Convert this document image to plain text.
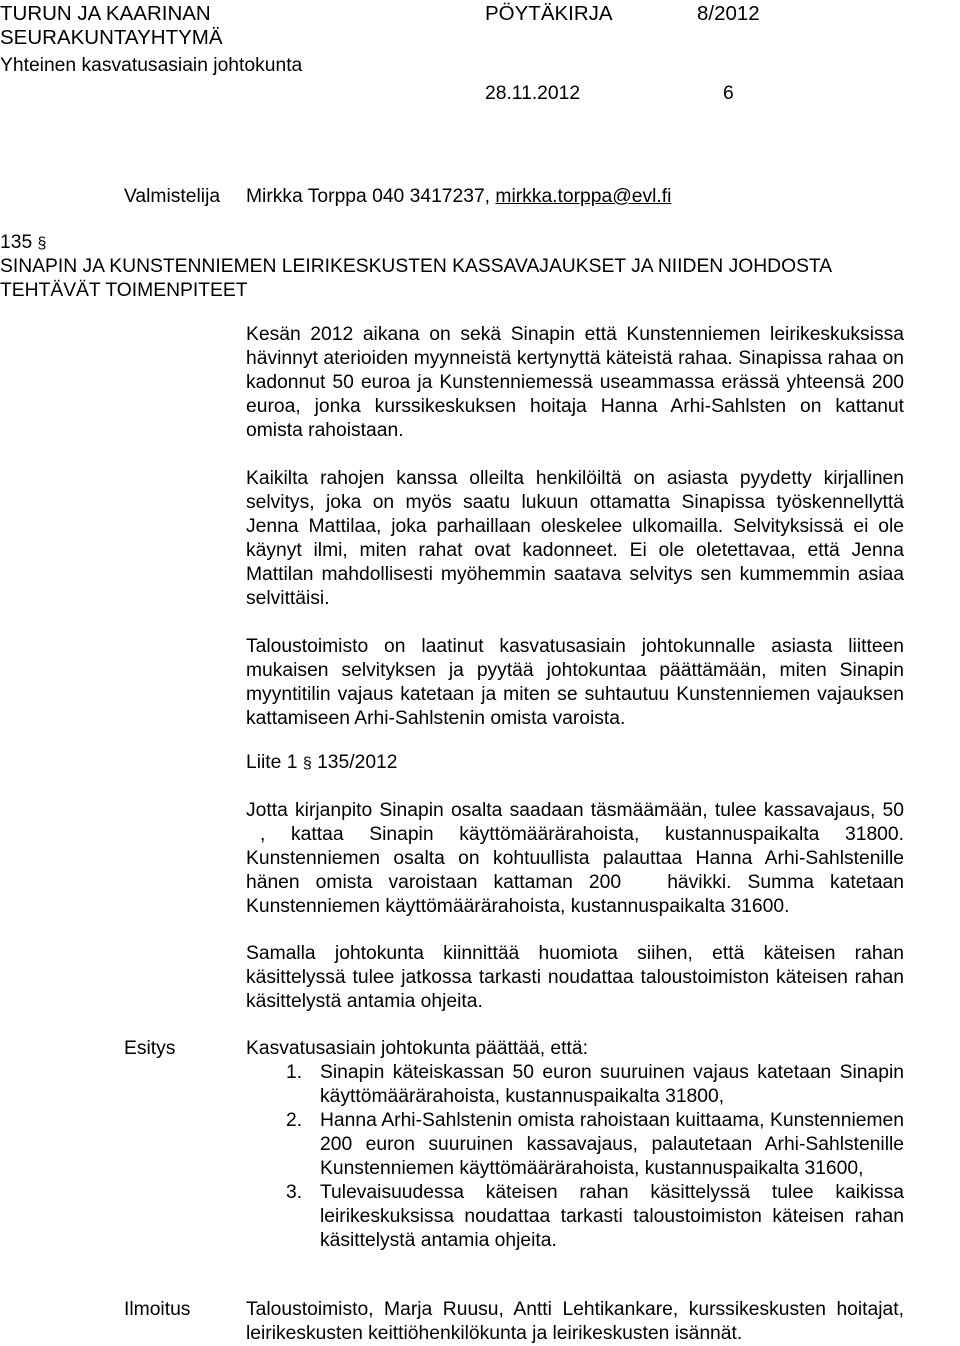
TURUN JA KAARINAN
SEURAKUNTAYHTYMÄ
Yhteinen kasvatusasiain johtokunta
PÖYTÄKIRJA	8/2012
28.11.2012	6
Valmistelija Mirkka Torppa 040 3417237, mirkka.torppa@evl.fi
135 §
SINAPIN JA KUNSTENNIEMEN LEIRIKESKUSTEN KASSAVAJAUKSET JA NIIDEN JOHDOSTA
TEHTÄVÄT TOIMENPITEET
Kesän 2012 aikana on sekä Sinapin että Kunstenniemen leirikeskuksissa hävinnyt aterioiden myynneistä kertynyttä käteistä rahaa. Sinapissa rahaa on kadonnut 50 euroa ja Kunstenniemessä useammassa erässä yhteensä 200 euroa, jonka kurssikeskuksen hoitaja Hanna Arhi-Sahlsten on kattanut omista rahoistaan.
Kaikilta rahojen kanssa olleilta henkilöiltä on asiasta pyydetty kirjallinen selvitys, joka on myös saatu lukuun ottamatta Sinapissa työskennellyttä Jenna Mattilaa, joka parhaillaan oleskelee ulkomailla. Selvityksissä ei ole käynyt ilmi, miten rahat ovat kadonneet. Ei ole oletettavaa, että Jenna Mattilan mahdollisesti myöhemmin saatava selvitys sen kummemmin asiaa selvittäisi.
Taloustoimisto on laatinut kasvatusasiain johtokunnalle asiasta liitteen mukaisen selvityksen ja pyytää johtokuntaa päättämään, miten Sinapin myyntitilin vajaus katetaan ja miten se suhtautuu Kunstenniemen vajauksen kattamiseen Arhi-Sahlstenin omista varoista.
Liite 1 § 135/2012
Jotta kirjanpito Sinapin osalta saadaan täsmäämään, tulee kassavajaus, 50 , kattaa Sinapin käyttömäärärahoista, kustannuspaikalta 31800. Kunstenniemen osalta on kohtuullista palauttaa Hanna Arhi-Sahlstenille hänen omista varoistaan kattaman 200  hävikki. Summa katetaan Kunstenniemen käyttömäärärahoista, kustannuspaikalta 31600.
Samalla johtokunta kiinnittää huomiota siihen, että käteisen rahan käsittelyssä tulee jatkossa tarkasti noudattaa taloustoimiston käteisen rahan käsittelystä antamia ohjeita.
Esitys	Kasvatusasiain johtokunta päättää, että:
1. Sinapin käteiskassan 50 euron suuruinen vajaus katetaan Sinapin käyttömäärärahoista, kustannuspaikalta 31800,
2. Hanna Arhi-Sahlstenin omista rahoistaan kuittaama, Kunstenniemen 200 euron suuruinen kassavajaus, palautetaan Arhi-Sahlstenille Kunstenniemen käyttömäärärahoista, kustannuspaikalta 31600,
3. Tulevaisuudessa käteisen rahan käsittelyssä tulee kaikissa leirikeskuksissa noudattaa tarkasti taloustoimiston käteisen rahan käsittelystä antamia ohjeita.
Ilmoitus	Taloustoimisto, Marja Ruusu, Antti Lehtikankare, kurssikeskusten hoitajat, leirikeskusten keittiöhenkilökunta ja leirikeskusten isännät.
